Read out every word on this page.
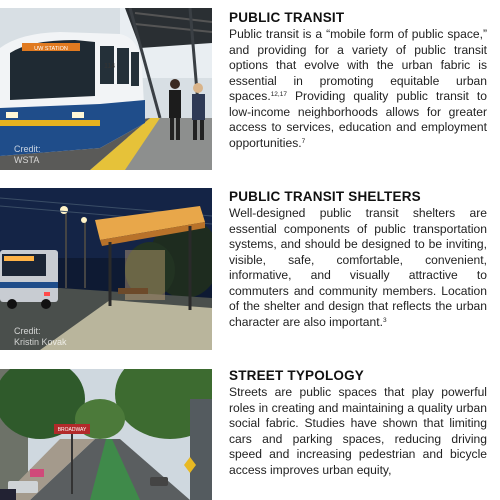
UW STATION
114
Credit:
WSTA
PUBLIC TRANSIT

Public transit is a “mobile form of public space,” and providing for a variety of public transit options that evolve with the urban fabric is essential in promoting equitable urban spaces.$^{12,17}$ Providing quality public transit to low-income neighborhoods allows for greater access to services, education and employment opportunities.$^7$

Credit:
Kristin Kovak
PUBLIC TRANSIT SHELTERS

Well-designed public transit shelters are essential components of public transportation systems, and should be designed to be inviting, visible, safe, comfortable, convenient, informative, and visually attractive to commuters and community members. Location of the shelter and design that reflects the urban character are also important.$^3$

BROADWAY
STREET TYPOLOGY

Streets are public spaces that play powerful roles in creating and maintaining a quality urban social fabric. Studies have shown that limiting cars and parking spaces, reducing driving speed and increasing pedestrian and bicycle access improves urban equity,
